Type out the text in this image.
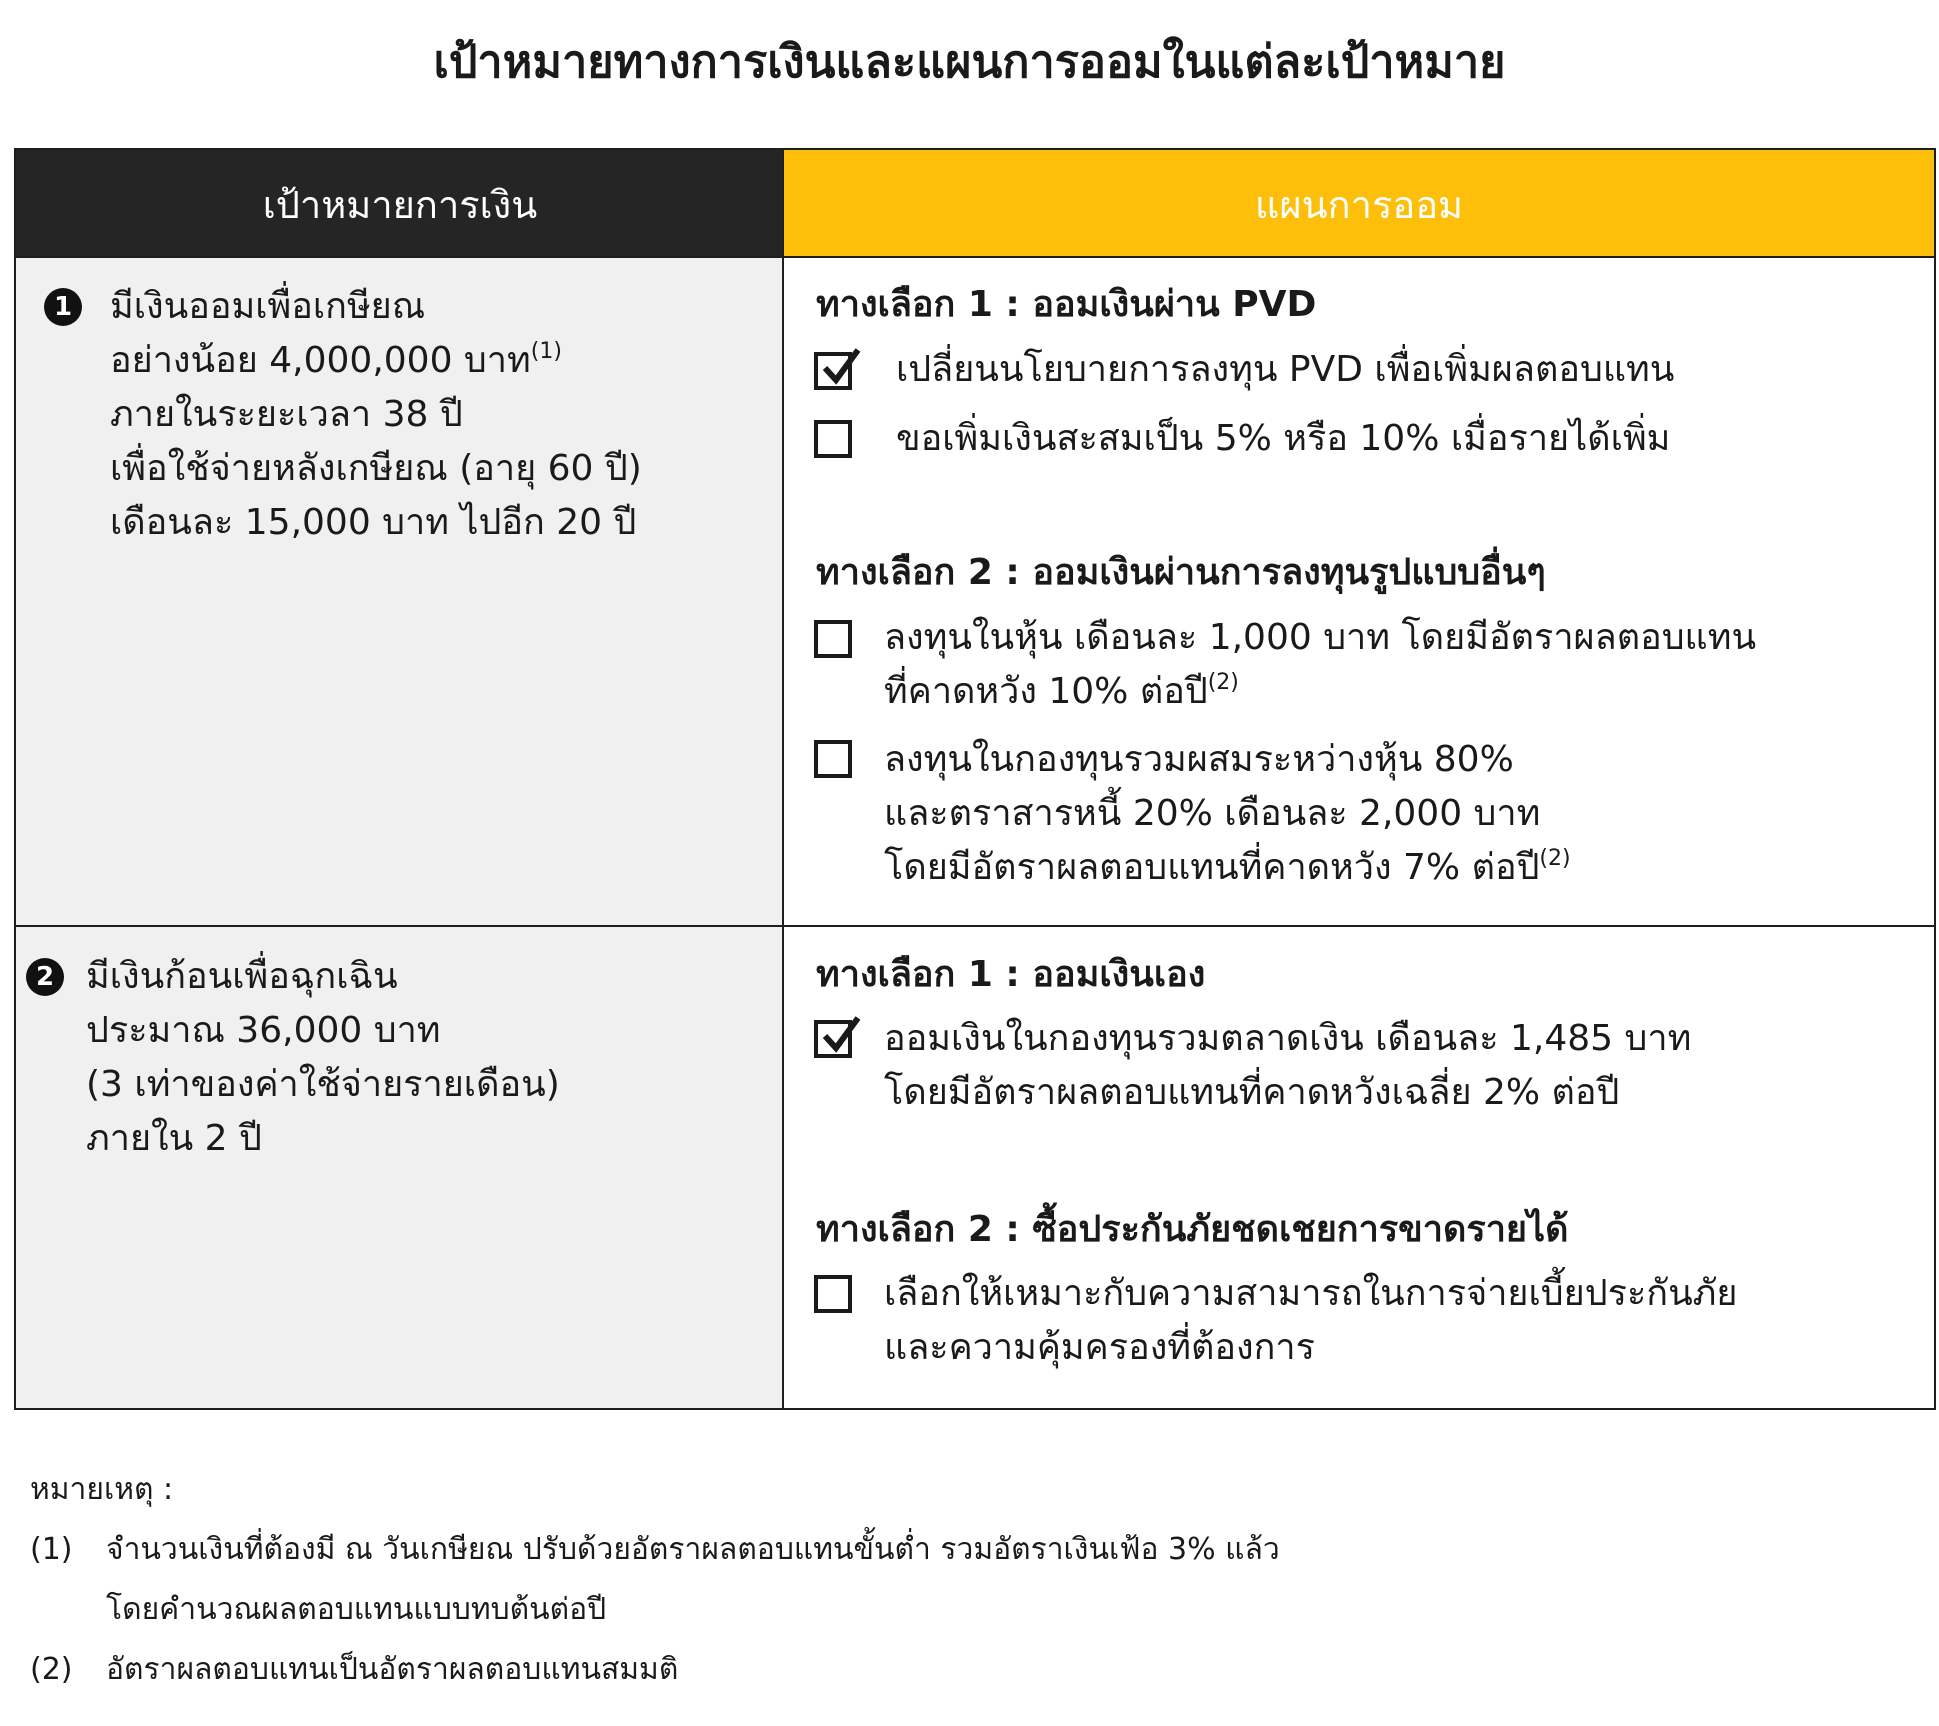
เป้าหมายทางการเงินและแผนการออมในแต่ละเป้าหมาย
เป้าหมายการเงิน	แผนการออม
1 มีเงินออมเพื่อเกษียณ
อย่างน้อย 4,000,000 บาท$^{(1)}$
ภายในระยะเวลา 38 ปี
เพื่อใช้จ่ายหลังเกษียณ (อายุ 60 ปี)
เดือนละ 15,000 บาท ไปอีก 20 ปี
2 มีเงินก้อนเพื่อฉุกเฉิน
ประมาณ 36,000 บาท
(3 เท่าของค่าใช้จ่ายรายเดือน)
ภายใน 2 ปี
ทางเลือก 1 : ออมเงินผ่าน PVD
เปลี่ยนนโยบายการลงทุน PVD เพื่อเพิ่มผลตอบแทน
ขอเพิ่มเงินสะสมเป็น 5% หรือ 10% เมื่อรายได้เพิ่ม
ทางเลือก 2 : ออมเงินผ่านการลงทุนรูปแบบอื่นๆ
ลงทุนในหุ้น เดือนละ 1,000 บาท โดยมีอัตราผลตอบแทน
ที่คาดหวัง 10% ต่อปี$^{(2)}$
ลงทุนในกองทุนรวมผสมระหว่างหุ้น 80%
และตราสารหนี้ 20% เดือนละ 2,000 บาท
โดยมีอัตราผลตอบแทนที่คาดหวัง 7% ต่อปี$^{(2)}$
ทางเลือก 1 : ออมเงินเอง
ออมเงินในกองทุนรวมตลาดเงิน เดือนละ 1,485 บาท
โดยมีอัตราผลตอบแทนที่คาดหวังเฉลี่ย 2% ต่อปี
ทางเลือก 2 : ซื้อประกันภัยชดเชยการขาดรายได้
เลือกให้เหมาะกับความสามารถในการจ่ายเบี้ยประกันภัย
และความคุ้มครองที่ต้องการ
หมายเหตุ :
(1) จำนวนเงินที่ต้องมี ณ วันเกษียณ ปรับด้วยอัตราผลตอบแทนขั้นต่ำ รวมอัตราเงินเฟ้อ 3% แล้ว
โดยคำนวณผลตอบแทนแบบทบต้นต่อปี
(2) อัตราผลตอบแทนเป็นอัตราผลตอบแทนสมมติ
